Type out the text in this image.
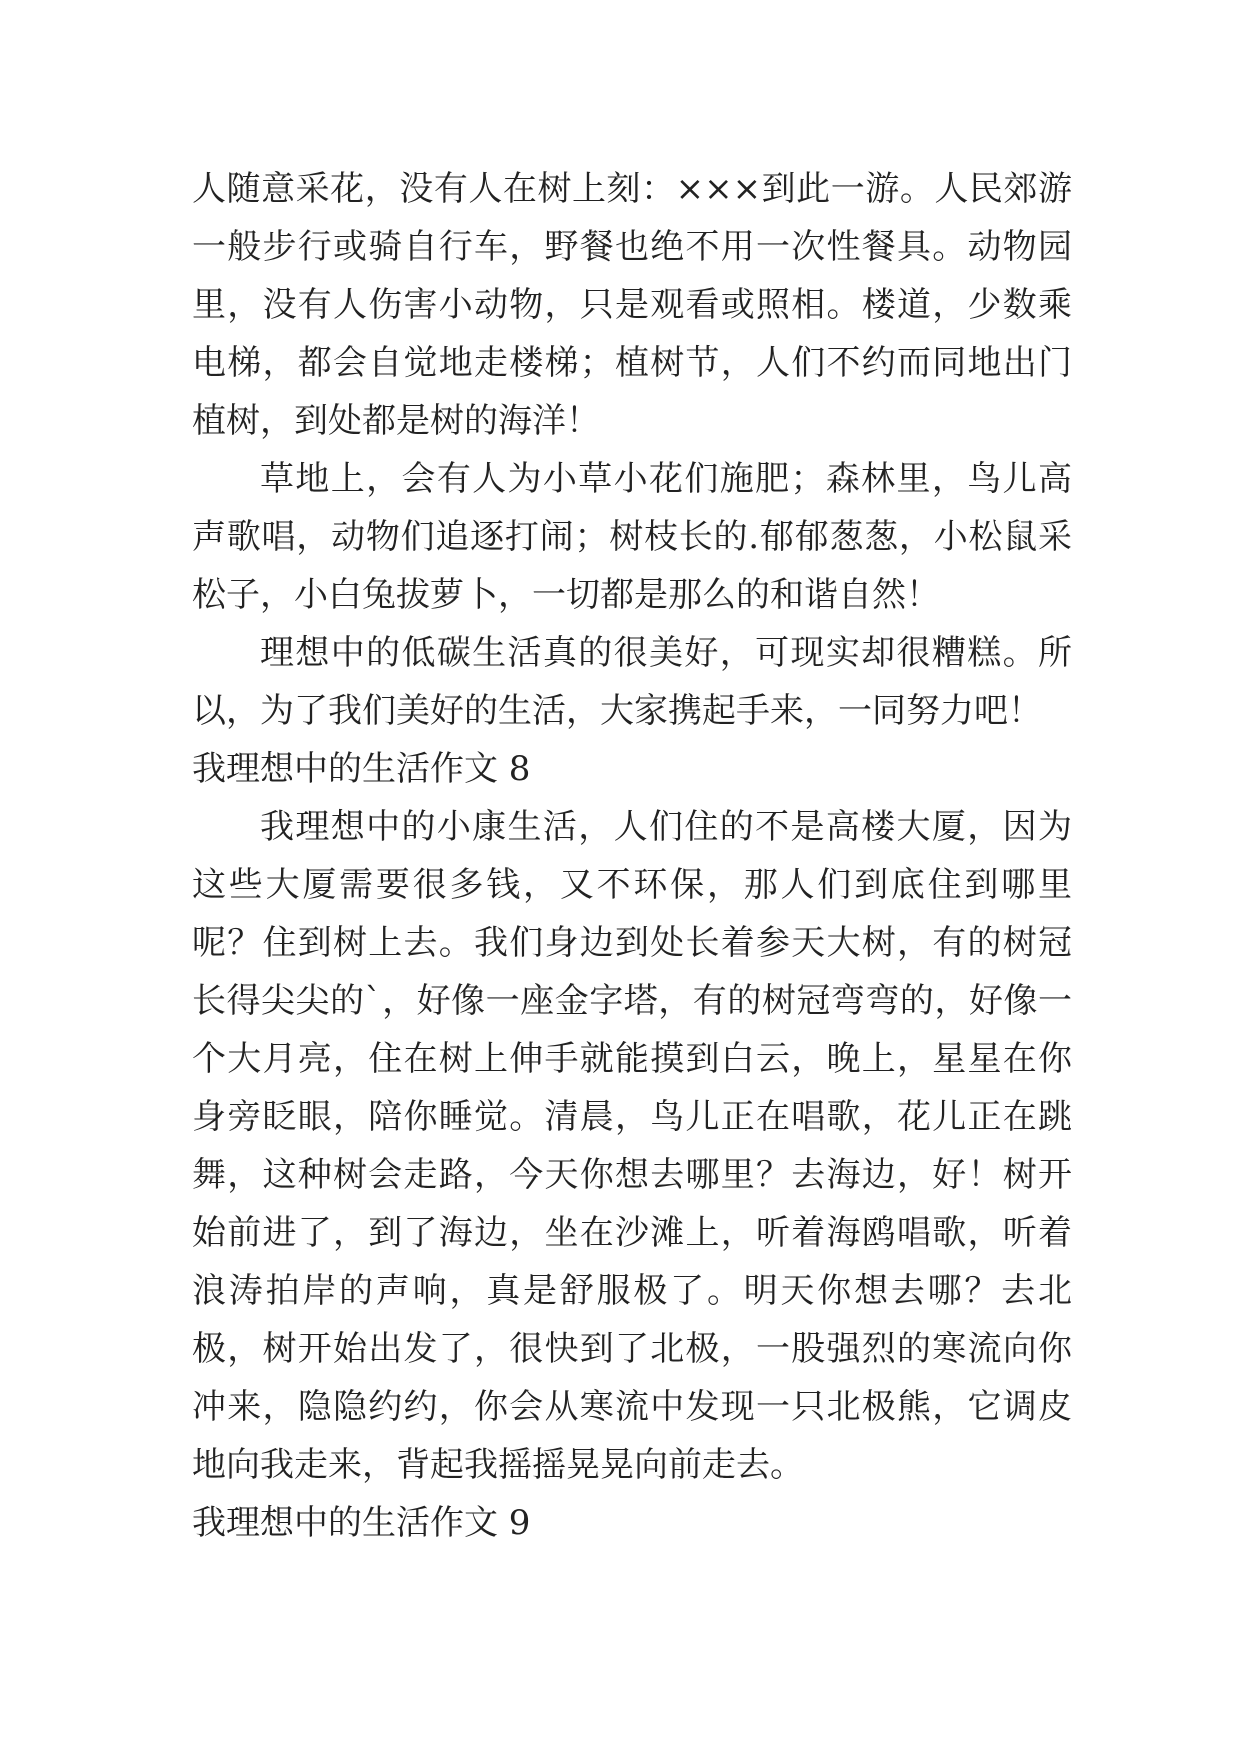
人随意采花，没有人在树上刻：×××到此一游。人民郊游一般步行或骑自行车，野餐也绝不用一次性餐具。动物园里，没有人伤害小动物，只是观看或照相。楼道，少数乘电梯，都会自觉地走楼梯；植树节，人们不约而同地出门植树，到处都是树的海洋！

草地上，会有人为小草小花们施肥；森林里，鸟儿高声歌唱，动物们追逐打闹；树枝长的.郁郁葱葱，小松鼠采松子，小白兔拔萝卜，一切都是那么的和谐自然！

理想中的低碳生活真的很美好，可现实却很糟糕。所以，为了我们美好的生活，大家携起手来，一同努力吧！

我理想中的生活作文 8

我理想中的小康生活，人们住的不是高楼大厦，因为这些大厦需要很多钱，又不环保，那人们到底住到哪里呢？住到树上去。我们身边到处长着参天大树，有的树冠长得尖尖的`，好像一座金字塔，有的树冠弯弯的，好像一个大月亮，住在树上伸手就能摸到白云，晚上，星星在你身旁眨眼，陪你睡觉。清晨，鸟儿正在唱歌，花儿正在跳舞，这种树会走路，今天你想去哪里？去海边，好！树开始前进了，到了海边，坐在沙滩上，听着海鸥唱歌，听着浪涛拍岸的声响，真是舒服极了。明天你想去哪？去北极，树开始出发了，很快到了北极，一股强烈的寒流向你冲来，隐隐约约，你会从寒流中发现一只北极熊，它调皮地向我走来，背起我摇摇晃晃向前走去。

我理想中的生活作文 9
